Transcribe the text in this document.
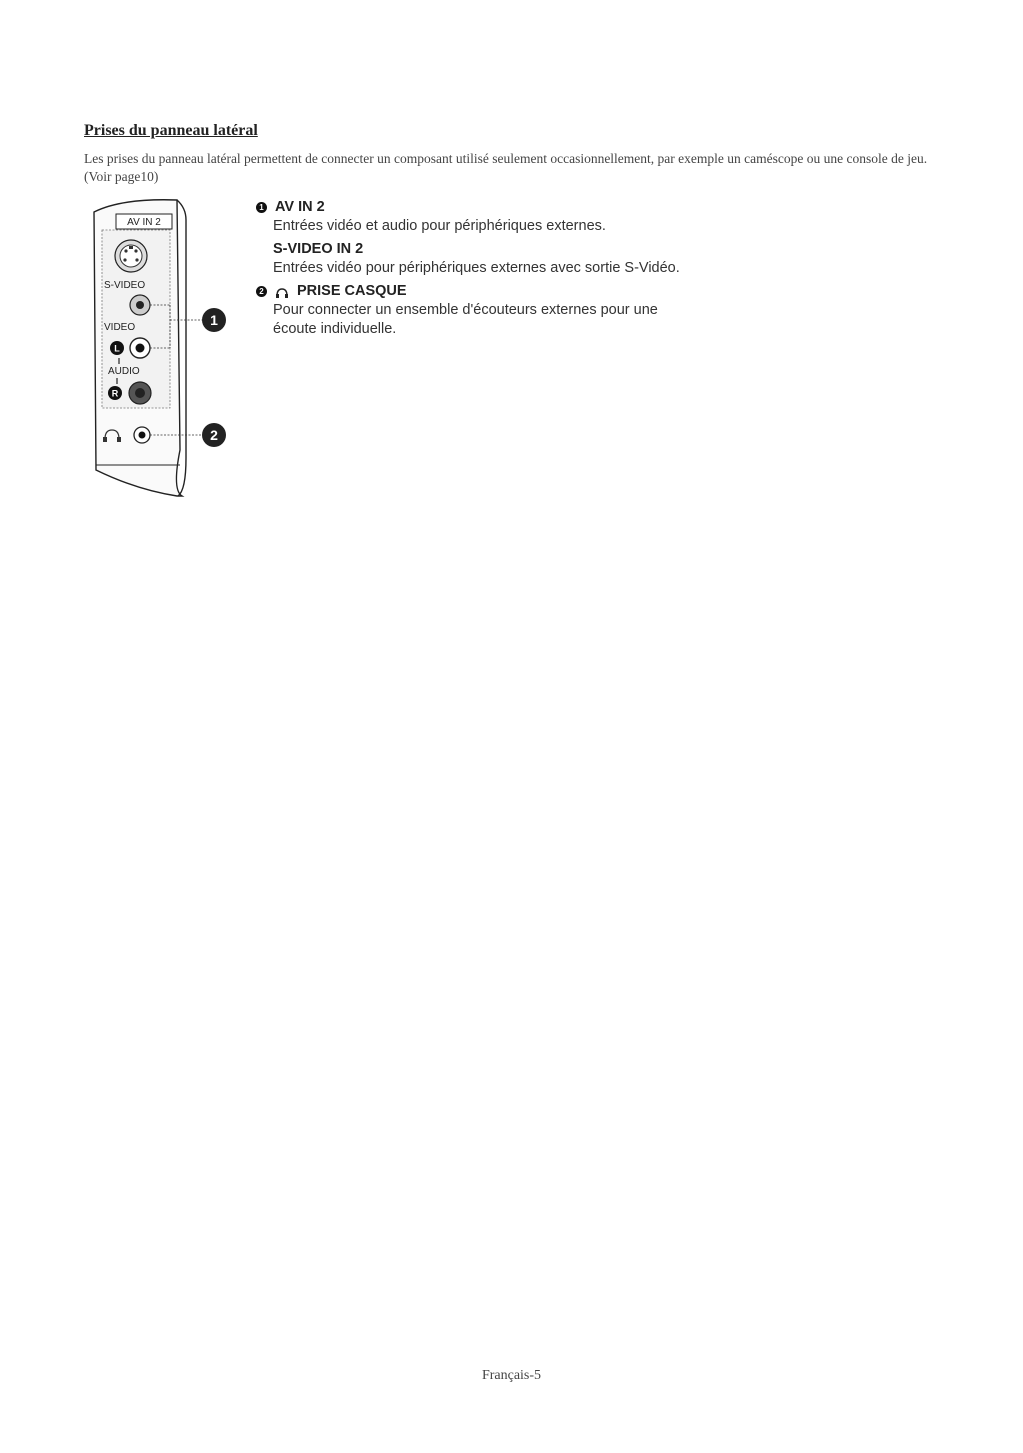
Prises du panneau latéral
Les prises du panneau latéral permettent de connecter un composant utilisé seulement occasionnellement, par exemple un caméscope ou une console de jeu. (Voir page10)
AV IN 2
S-VIDEO
VIDEO
L
AUDIO
R
1
2
1 AV IN 2
Entrées vidéo et audio pour périphériques externes.
S-VIDEO IN 2
Entrées vidéo pour périphériques externes avec sortie S-Vidéo.
2 PRISE CASQUE
Pour connecter un ensemble d'écouteurs externes pour une
écoute individuelle.
Français-5
